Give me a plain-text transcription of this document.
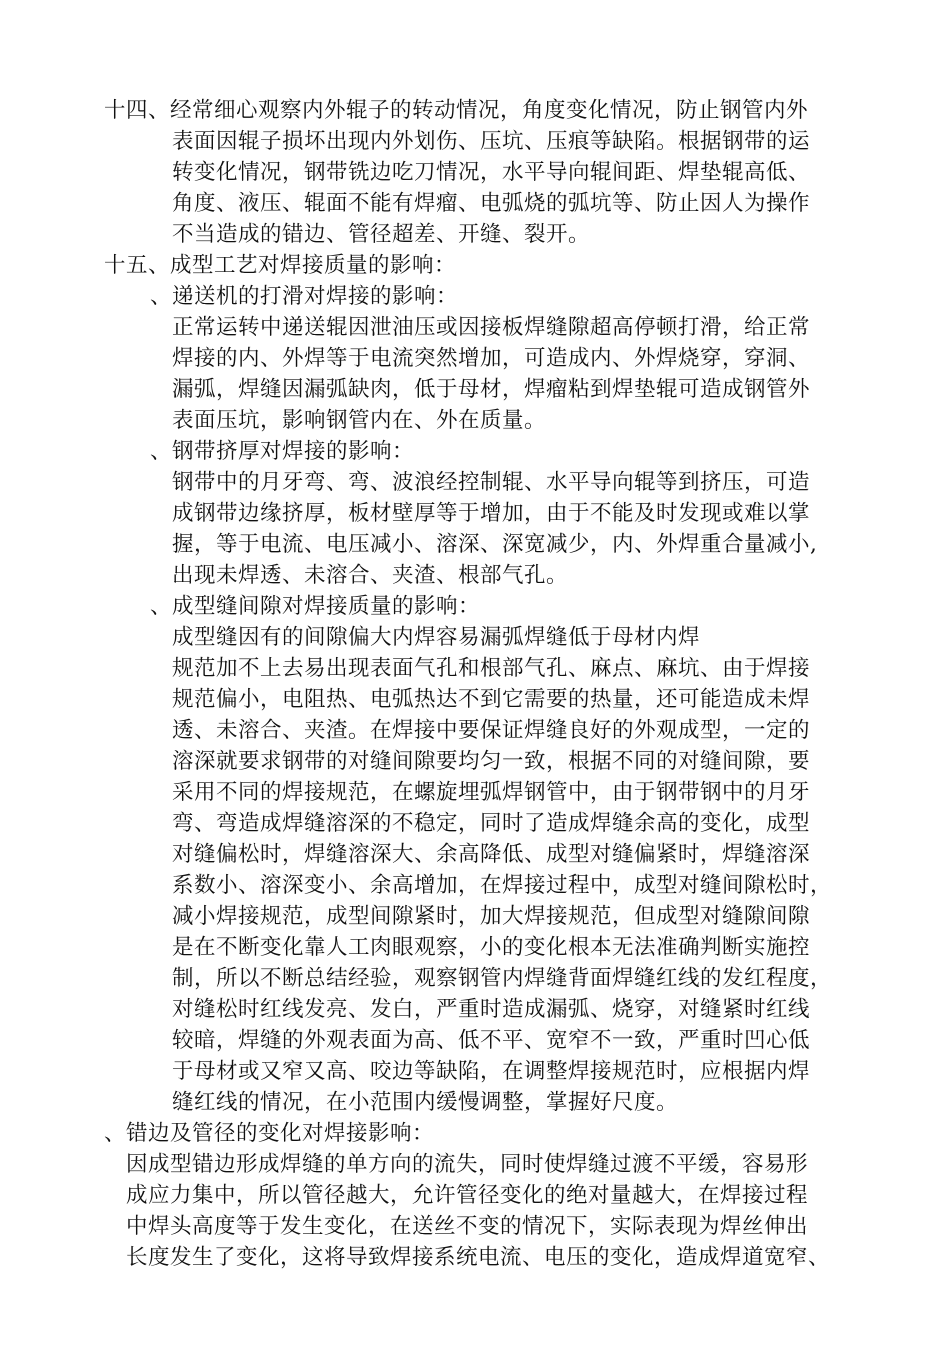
十四、经常细心观察内外辊子的转动情况，角度变化情况，防止钢管内外
表面因辊子损坏出现内外划伤、压坑、压痕等缺陷。根据钢带的运
转变化情况，钢带铣边吃刀情况，水平导向辊间距、焊垫辊高低、
角度、液压、辊面不能有焊瘤、电弧烧的弧坑等、防止因人为操作
不当造成的错边、管径超差、开缝、裂开。
十五、成型工艺对焊接质量的影响：
、递送机的打滑对焊接的影响：
正常运转中递送辊因泄油压或因接板焊缝隙超高停顿打滑，给正常
焊接的内、外焊等于电流突然增加，可造成内、外焊烧穿，穿洞、
漏弧，焊缝因漏弧缺肉，低于母材，焊瘤粘到焊垫辊可造成钢管外
表面压坑，影响钢管内在、外在质量。
、钢带挤厚对焊接的影响：
钢带中的月牙弯、弯、波浪经控制辊、水平导向辊等到挤压，可造
成钢带边缘挤厚，板材壁厚等于增加，由于不能及时发现或难以掌
握，等于电流、电压减小、溶深、深宽减少，内、外焊重合量减小,
出现未焊透、未溶合、夹渣、根部气孔。
、成型缝间隙对焊接质量的影响：
成型缝因有的间隙偏大内焊容易漏弧焊缝低于母材内焊
规范加不上去易出现表面气孔和根部气孔、麻点、麻坑、由于焊接
规范偏小，电阻热、电弧热达不到它需要的热量，还可能造成未焊
透、未溶合、夹渣。在焊接中要保证焊缝良好的外观成型，一定的
溶深就要求钢带的对缝间隙要均匀一致，根据不同的对缝间隙，要
采用不同的焊接规范，在螺旋埋弧焊钢管中，由于钢带钢中的月牙
弯、弯造成焊缝溶深的不稳定，同时了造成焊缝余高的变化，成型
对缝偏松时，焊缝溶深大、余高降低、成型对缝偏紧时，焊缝溶深
系数小、溶深变小、余高增加，在焊接过程中，成型对缝间隙松时，
减小焊接规范，成型间隙紧时，加大焊接规范，但成型对缝隙间隙
是在不断变化靠人工肉眼观察，小的变化根本无法准确判断实施控
制，所以不断总结经验，观察钢管内焊缝背面焊缝红线的发红程度，
对缝松时红线发亮、发白，严重时造成漏弧、烧穿，对缝紧时红线
较暗，焊缝的外观表面为高、低不平、宽窄不一致，严重时凹心低
于母材或又窄又高、咬边等缺陷，在调整焊接规范时，应根据内焊
缝红线的情况，在小范围内缓慢调整，掌握好尺度。
、错边及管径的变化对焊接影响：
因成型错边形成焊缝的单方向的流失，同时使焊缝过渡不平缓，容易形
成应力集中，所以管径越大，允许管径变化的绝对量越大，在焊接过程
中焊头高度等于发生变化，在送丝不变的情况下，实际表现为焊丝伸出
长度发生了变化，这将导致焊接系统电流、电压的变化，造成焊道宽窄、
